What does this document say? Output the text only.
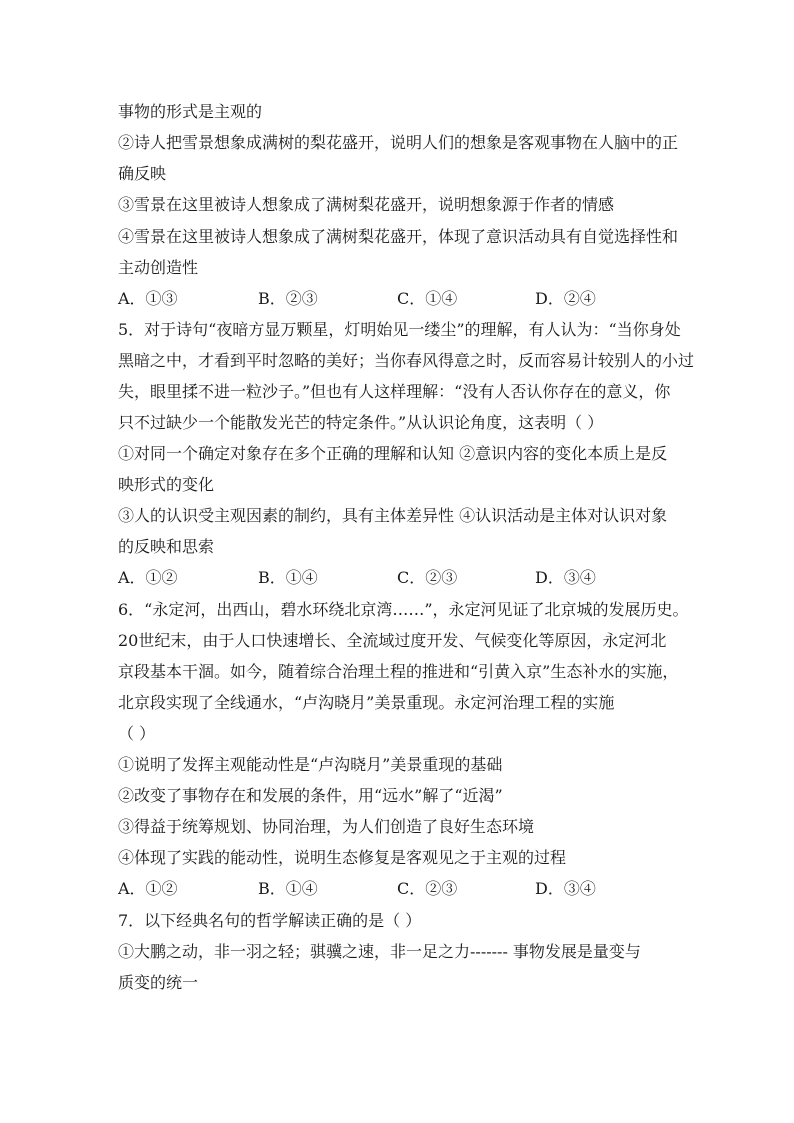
事物的形式是主观的
②诗人把雪景想象成满树的梨花盛开，说明人们的想象是客观事物在人脑中的正
确反映
③雪景在这里被诗人想象成了满树梨花盛开，说明想象源于作者的情感
④雪景在这里被诗人想象成了满树梨花盛开，体现了意识活动具有自觉选择性和
主动创造性
A．①③	B．②③	C．①④	D．②④
5．对于诗句“夜暗方显万颗星，灯明始见一缕尘”的理解，有人认为：“当你身处
黑暗之中，才看到平时忽略的美好；当你春风得意之时，反而容易计较别人的小过
失，眼里揉不进一粒沙子。”但也有人这样理解：“没有人否认你存在的意义，你
只不过缺少一个能散发光芒的特定条件。”从认识论角度，这表明（ ）
①对同一个确定对象存在多个正确的理解和认知 ②意识内容的变化本质上是反
映形式的变化
③人的认识受主观因素的制约，具有主体差异性 ④认识活动是主体对认识对象
的反映和思索
A．①②	B．①④	C．②③	D．③④
6．“永定河，出西山，碧水环绕北京湾……”，永定河见证了北京城的发展历史。
20世纪末，由于人口快速增长、全流域过度开发、气候变化等原因，永定河北
京段基本干涸。如今，随着综合治理土程的推进和“引黄入京”生态补水的实施，
北京段实现了全线通水，“卢沟晓月”美景重现。永定河治理工程的实施
（ ）
①说明了发挥主观能动性是“卢沟晓月”美景重现的基础
②改变了事物存在和发展的条件，用“远水”解了“近渴”
③得益于统筹规划、协同治理，为人们创造了良好生态环境
④体现了实践的能动性，说明生态修复是客观见之于主观的过程
A．①②	B．①④	C．②③	D．③④
7．以下经典名句的哲学解读正确的是（ ）
①大鹏之动，非一羽之轻；骐骥之速，非一足之力------- 事物发展是量变与
质变的统一
